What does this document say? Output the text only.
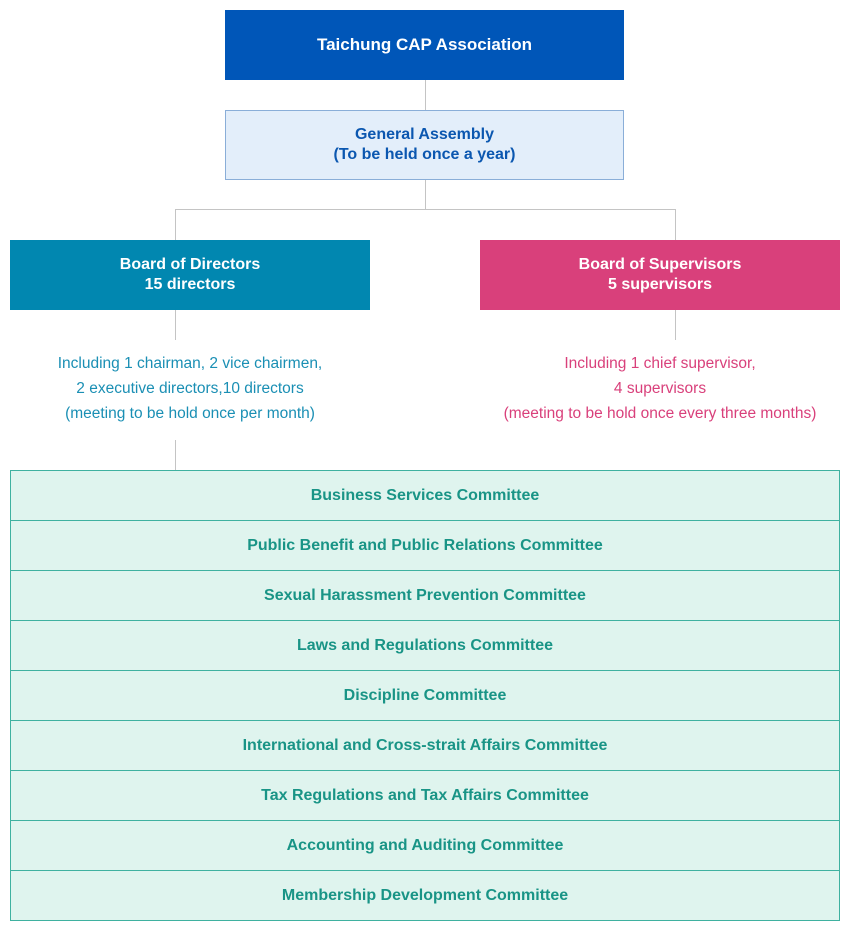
Taichung CAP Association
General Assembly
(To be held once a year)
Board of Directors
15 directors
Board of Supervisors
5 supervisors
Including 1 chairman, 2 vice chairmen,
2 executive directors,10 directors
(meeting to be hold once per month)
Including 1 chief supervisor,
4 supervisors
(meeting to be hold once every three months)
Business Services Committee
Public Benefit and Public Relations Committee
Sexual Harassment Prevention Committee
Laws and Regulations Committee
Discipline Committee
International and Cross-strait Affairs Committee
Tax Regulations and Tax Affairs Committee
Accounting and Auditing Committee
Membership Development Committee
